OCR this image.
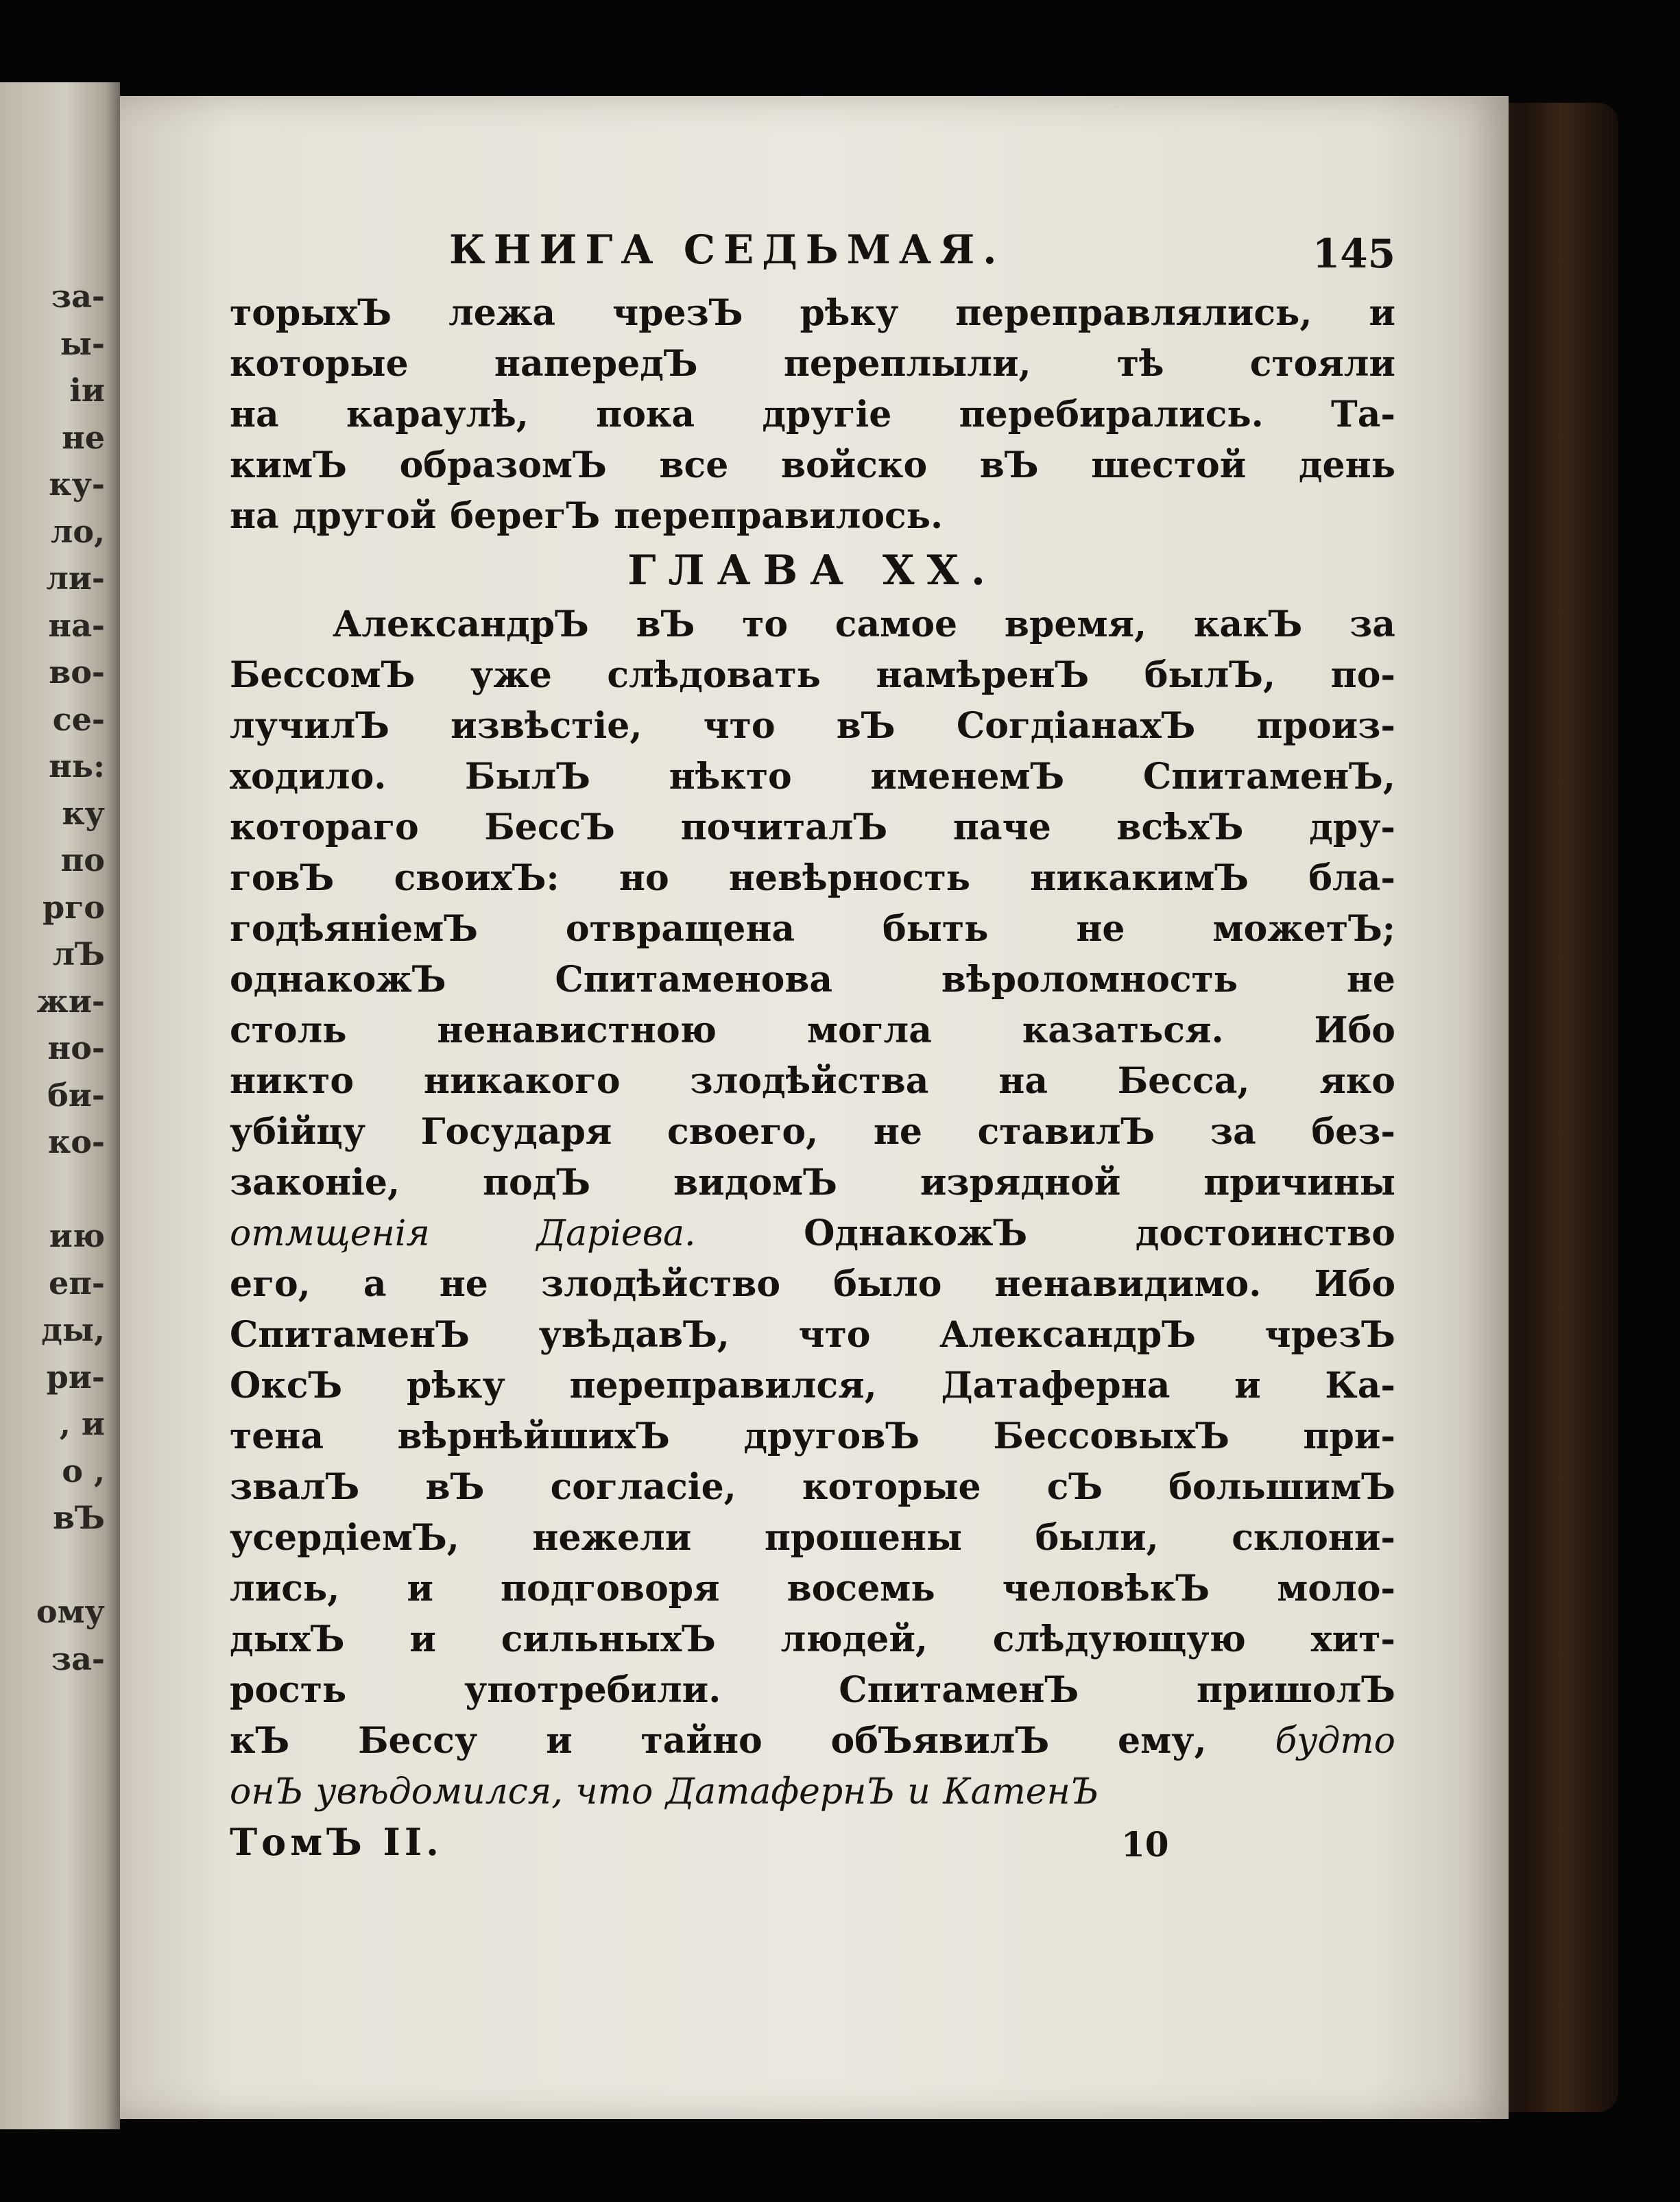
за-
ы-
іи
не
ку-
ло,
ли-
на-
во-
се-
нь:
ку
по
рго
лЪ
жи-
но-
би-
ко-
ию
еп-
ды,
ри-
, и
о ,
вЪ
ому
за-
КНИГА СЕДЬМАЯ.	145
торыхЪ лежа чрезЪ рѣку переправлялись, и
которые напередЪ переплыли, тѣ стояли
на караулѣ, пока другіе перебирались. Та-
кимЪ образомЪ все войско вЪ шестой день
на другой берегЪ переправилось.
ГЛАВА XX.
АлександрЪ вЪ то самое время, какЪ за
БессомЪ уже слѣдовать намѣренЪ былЪ, по-
лучилЪ извѣстіе, что вЪ СогдіанахЪ произ-
ходило. БылЪ нѣкто именемЪ СпитаменЪ,
котораго БессЪ почиталЪ паче всѣхЪ дру-
говЪ своихЪ: но невѣрность никакимЪ бла-
годѣяніемЪ отвращена быть не можетЪ;
однакожЪ Спитаменова вѣроломность не
столь ненавистною могла казаться. Ибо
никто никакого злодѣйства на Бесса, яко
убійцу Государя своего, не ставилЪ за без-
законіе, подЪ видомЪ изрядной причины
отмщенія Даріева.	ОднакожЪ достоинство
его, а не злодѣйство было ненавидимо. Ибо
СпитаменЪ увѣдавЪ, что АлександрЪ чрезЪ
ОксЪ рѣку переправился, Датаферна и Ка-
тена вѣрнѣйшихЪ друговЪ БессовыхЪ при-
звалЪ вЪ согласіе, которые сЪ большимЪ
усердіемЪ, нежели прошены были, склони-
лись, и подговоря восемь человѣкЪ моло-
дыхЪ и сильныхЪ людей, слѣдующую хит-
рость употребили. СпитаменЪ пришолЪ
кЪ Бессу и тайно обЪявилЪ ему, будто
онЪ увѣдомился, что ДатафернЪ и КатенЪ
ТомЪ II.	10
